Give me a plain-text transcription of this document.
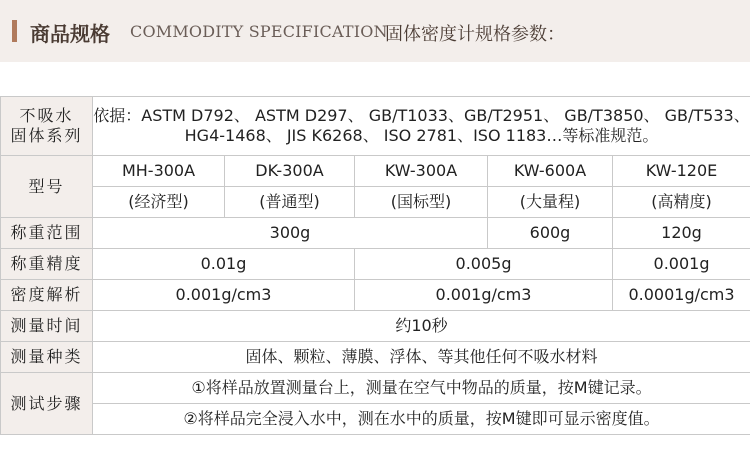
商品规格 COMMODITY SPECIFICATION
固体密度计规格参数：
不吸水
固体系列	依据：ASTM D792、 ASTM D297、 GB/T1033、GB/T2951、 GB/T3850、 GB/T533、 HG4-1468、 JIS K6268、 ISO 2781、ISO 1183…等标准规范。				
型号	MH-300A	DK-300A	KW-300A	KW-600A	KW-120E
	(经济型)	(普通型)	(国标型)	(大量程)	(高精度)
称重范围	300g			600g	120g
称重精度	0.01g		0.005g		0.001g
密度解析	0.001g/cm3		0.001g/cm3		0.0001g/cm3
测量时间	约10秒				
测量种类	固体、颗粒、薄膜、浮体、等其他任何不吸水材料				
测试步骤	①将样品放置测量台上，测量在空气中物品的质量，按M键记录。				
	②将样品完全浸入水中，测在水中的质量，按M键即可显示密度值。				
